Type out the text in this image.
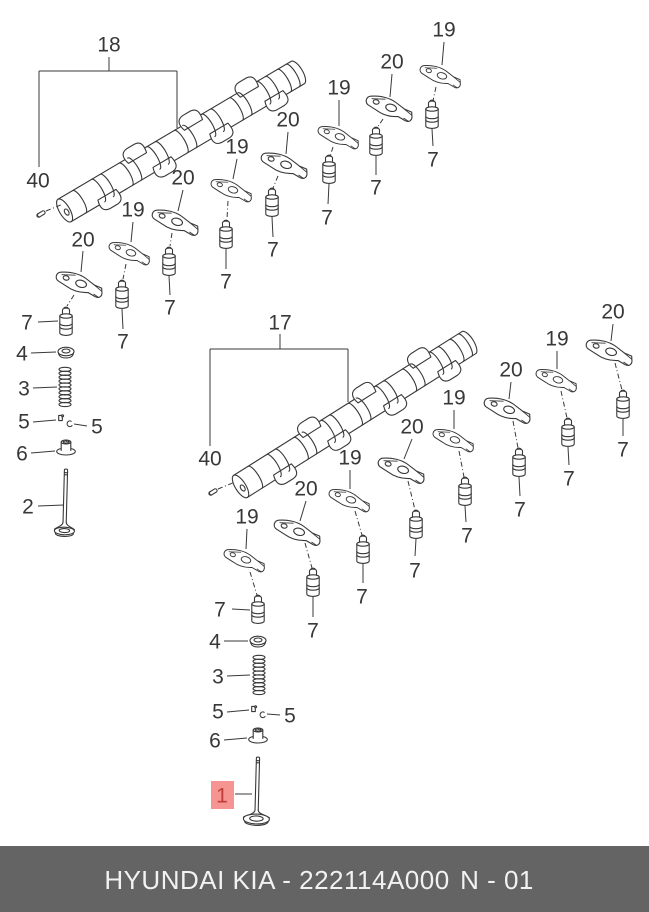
18
40
17
40
20
19
20
19
20
19
20
19
7
7
7
7
7
7
7
7
19
20
19
20
19
20
19
20
7
7
7
7
7
7
7
7
4
3
5	5
6
2
4
3
5	5
6
1
HYUNDAI KIA - 222114A000 N - 01
